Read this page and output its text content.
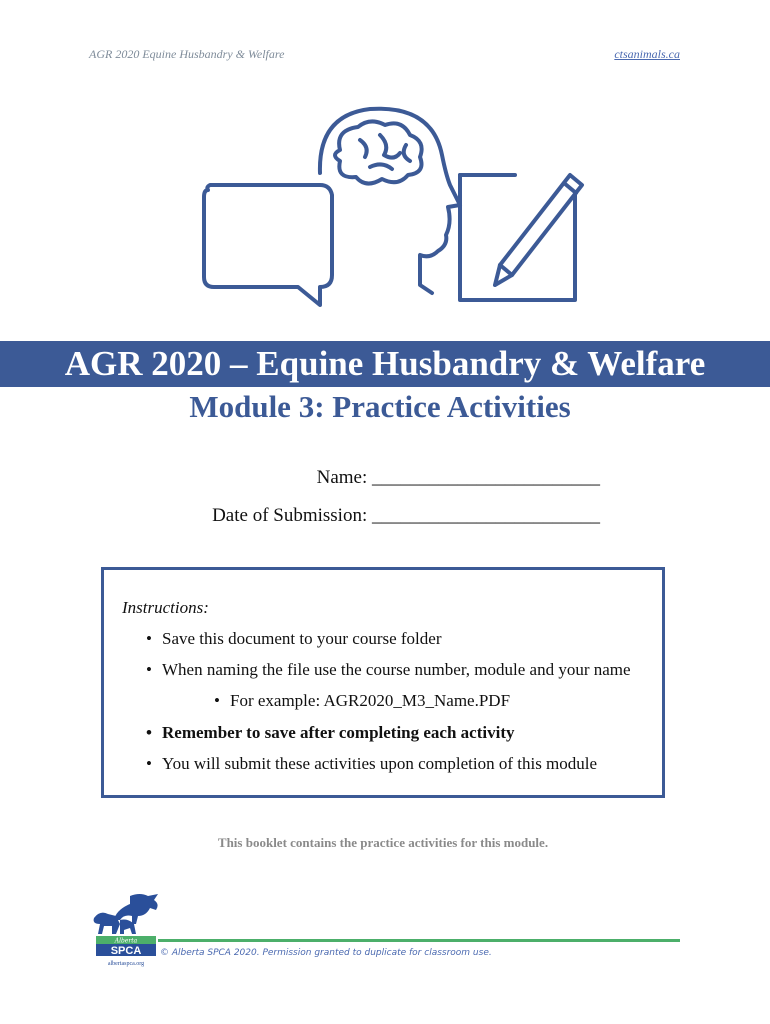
AGR 2020 Equine Husbandry & Welfare	ctsanimals.ca
AGR 2020 – Equine Husbandry & Welfare
Module 3: Practice Activities
Name: ________________________
Date of Submission: ________________________
Instructions:
• Save this document to your course folder
• When naming the file use the course number, module and your name
• For example: AGR2020_M3_Name.PDF
• Remember to save after completing each activity
• You will submit these activities upon completion of this module
This booklet contains the practice activities for this module.
Alberta
SPCA
albertaspca.org
© Alberta SPCA 2020. Permission granted to duplicate for classroom use.
